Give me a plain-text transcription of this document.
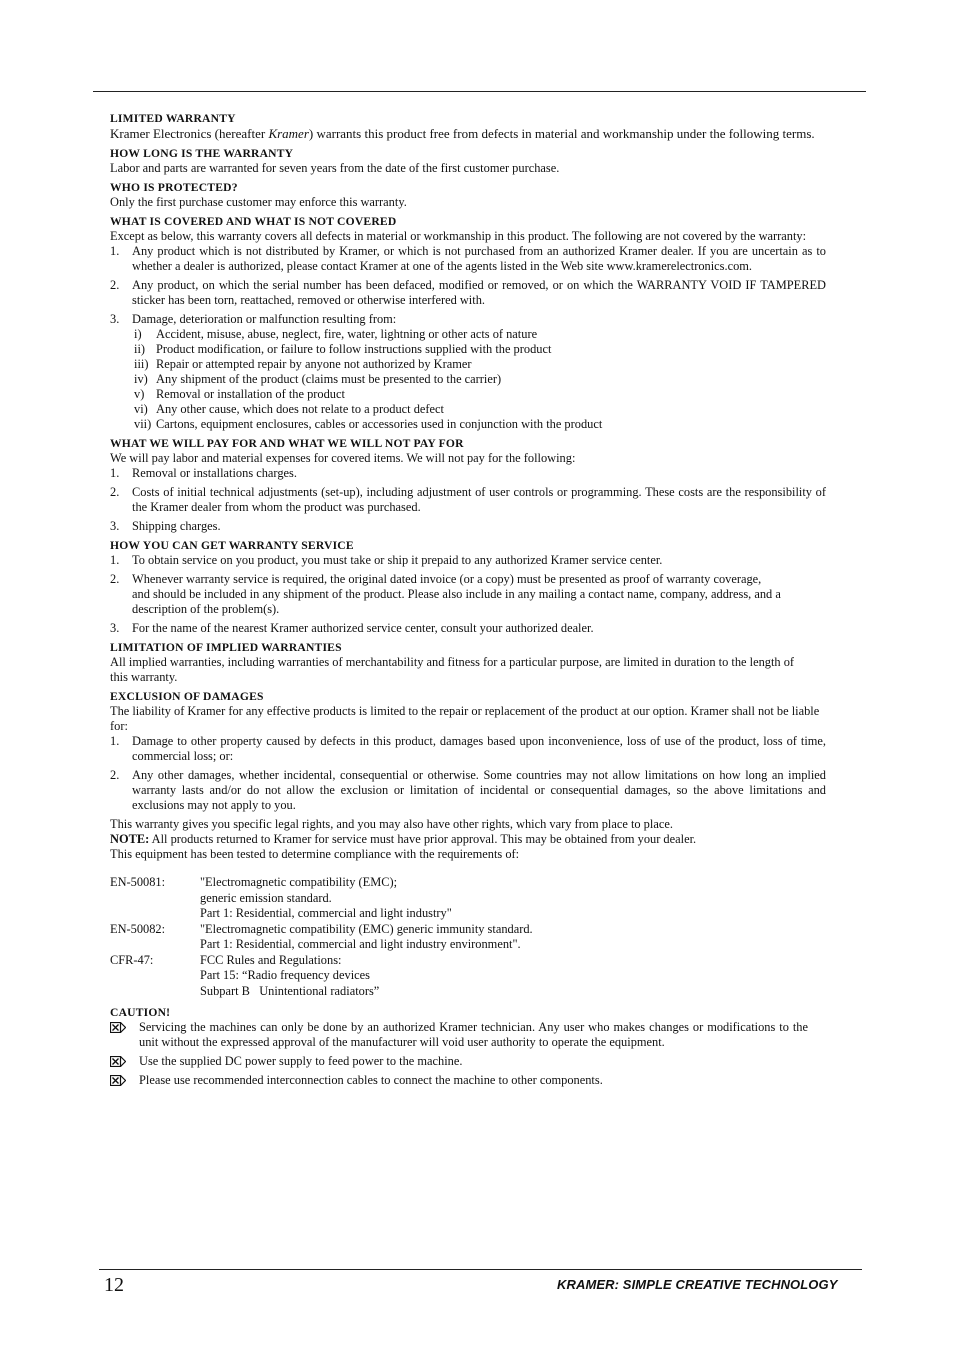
LIMITED WARRANTY

Kramer Electronics (hereafter Kramer) warrants this product free from defects in material and workmanship under the following terms.

HOW LONG IS THE WARRANTY

Labor and parts are warranted for seven years from the date of the first customer purchase.

WHO IS PROTECTED?

Only the first purchase customer may enforce this warranty.

WHAT IS COVERED AND WHAT IS NOT COVERED

Except as below, this warranty covers all defects in material or workmanship in this product. The following are not covered by the warranty:

1. Any product which is not distributed by Kramer, or which is not purchased from an authorized Kramer dealer. If you are uncertain as to whether a dealer is authorized, please contact Kramer at one of the agents listed in the Web site www.kramerelectronics.com.
2. Any product, on which the serial number has been defaced, modified or removed, or on which the WARRANTY VOID IF TAMPERED sticker has been torn, reattached, removed or otherwise interfered with.
3. Damage, deterioration or malfunction resulting from:
i) Accident, misuse, abuse, neglect, fire, water, lightning or other acts of nature
ii) Product modification, or failure to follow instructions supplied with the product
iii) Repair or attempted repair by anyone not authorized by Kramer
iv) Any shipment of the product (claims must be presented to the carrier)
v) Removal or installation of the product
vi) Any other cause, which does not relate to a product defect
vii) Cartons, equipment enclosures, cables or accessories used in conjunction with the product

WHAT WE WILL PAY FOR AND WHAT WE WILL NOT PAY FOR

We will pay labor and material expenses for covered items. We will not pay for the following:

1. Removal or installations charges.
2. Costs of initial technical adjustments (set-up), including adjustment of user controls or programming. These costs are the responsibility of the Kramer dealer from whom the product was purchased.
3. Shipping charges.

HOW YOU CAN GET WARRANTY SERVICE

1. To obtain service on you product, you must take or ship it prepaid to any authorized Kramer service center.
2. Whenever warranty service is required, the original dated invoice (or a copy) must be presented as proof of warranty coverage, and should be included in any shipment of the product. Please also include in any mailing a contact name, company, address, and a description of the problem(s).
3. For the name of the nearest Kramer authorized service center, consult your authorized dealer.

LIMITATION OF IMPLIED WARRANTIES

All implied warranties, including warranties of merchantability and fitness for a particular purpose, are limited in duration to the length of this warranty.

EXCLUSION OF DAMAGES

The liability of Kramer for any effective products is limited to the repair or replacement of the product at our option. Kramer shall not be liable for:

1. Damage to other property caused by defects in this product, damages based upon inconvenience, loss of use of the product, loss of time, commercial loss; or:
2. Any other damages, whether incidental, consequential or otherwise. Some countries may not allow limitations on how long an implied warranty lasts and/or do not allow the exclusion or limitation of incidental or consequential damages, so the above limitations and exclusions may not apply to you.

This warranty gives you specific legal rights, and you may also have other rights, which vary from place to place.

NOTE: All products returned to Kramer for service must have prior approval. This may be obtained from your dealer.

This equipment has been tested to determine compliance with the requirements of:

EN-50081:	"Electromagnetic compatibility (EMC);
generic emission standard.
Part 1: Residential, commercial and light industry"
EN-50082:	"Electromagnetic compatibility (EMC) generic immunity standard.
Part 1: Residential, commercial and light industry environment".
CFR-47:	FCC Rules and Regulations:
Part 15: “Radio frequency devices
Subpart B   Unintentional radiators”

CAUTION!

Servicing the machines can only be done by an authorized Kramer technician. Any user who makes changes or modifications to the unit without the expressed approval of the manufacturer will void user authority to operate the equipment.
Use the supplied DC power supply to feed power to the machine.
Please use recommended interconnection cables to connect the machine to other components.
12	KRAMER: SIMPLE CREATIVE TECHNOLOGY
